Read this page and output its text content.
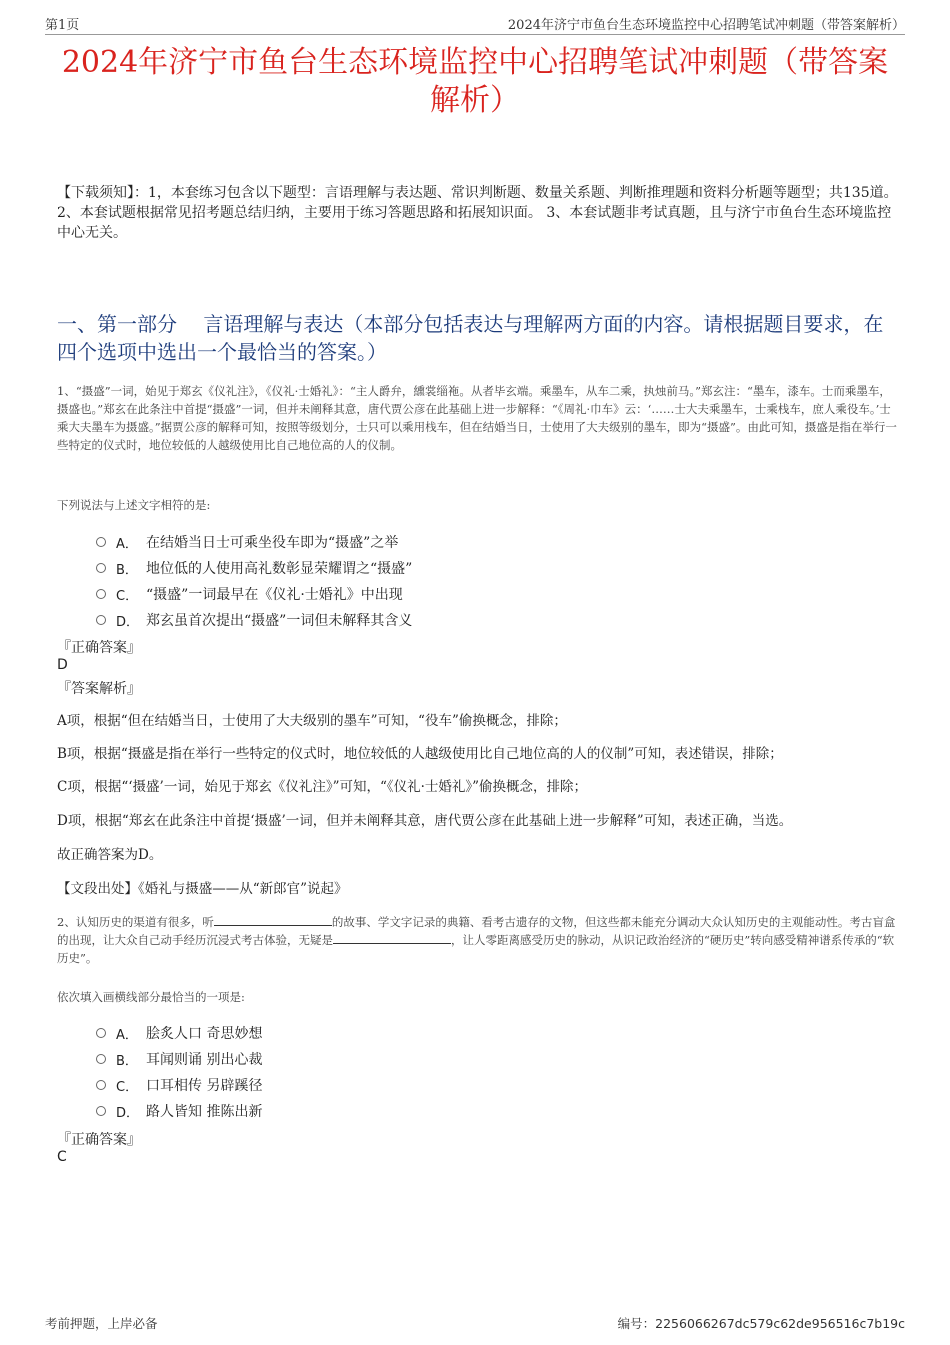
第1页	2024年济宁市鱼台生态环境监控中心招聘笔试冲刺题（带答案解析）
2024年济宁市鱼台生态环境监控中心招聘笔试冲刺题（带答案
解析）
【下载须知】：1，本套练习包含以下题型：言语理解与表达题、常识判断题、数量关系题、判断推理题和资料分析题等题型；共135道。 2、本套试题根据常见招考题总结归纳，主要用于练习答题思路和拓展知识面。 3、本套试题非考试真题，且与济宁市鱼台生态环境监控中心无关。
一、第一部分　 言语理解与表达（本部分包括表达与理解两方面的内容。请根据题目要求，在四个选项中选出一个最恰当的答案。）
1、“摄盛”一词，始见于郑玄《仪礼注》，《仪礼·士婚礼》：“主人爵弁，纁裳缁袘。从者毕玄端。乘墨车，从车二乘，执烛前马。”郑玄注：“墨车，漆车。士而乘墨车，摄盛也。”郑玄在此条注中首提“摄盛”一词，但并未阐释其意，唐代贾公彦在此基础上进一步解释：“《周礼·巾车》云：‘……士大夫乘墨车，士乘栈车，庶人乘役车。’士乘大夫墨车为摄盛。”据贾公彦的解释可知，按照等级划分，士只可以乘用栈车，但在结婚当日，士使用了大夫级别的墨车，即为“摄盛”。由此可知，摄盛是指在举行一些特定的仪式时，地位较低的人越级使用比自己地位高的人的仪制。
下列说法与上述文字相符的是:
A． 在结婚当日士可乘坐役车即为“摄盛”之举
B． 地位低的人使用高礼数彰显荣耀谓之“摄盛”
C． “摄盛”一词最早在《仪礼·士婚礼》中出现
D． 郑玄虽首次提出“摄盛”一词但未解释其含义
『正确答案』
D
『答案解析』
A项，根据“但在结婚当日，士使用了大夫级别的墨车”可知，“役车”偷换概念，排除；
B项，根据“摄盛是指在举行一些特定的仪式时，地位较低的人越级使用比自己地位高的人的仪制”可知，表述错误，排除；
C项，根据“‘摄盛’一词，始见于郑玄《仪礼注》”可知，“《仪礼·士婚礼》”偷换概念，排除；
D项，根据“郑玄在此条注中首提‘摄盛’一词，但并未阐释其意，唐代贾公彦在此基础上进一步解释”可知，表述正确，当选。
故正确答案为D。
【文段出处】《婚礼与摄盛——从“新郎官”说起》
2、认知历史的渠道有很多，听	的故事、学文字记录的典籍、看考古遗存的文物，但这些都未能充分调动大众认知历史的主观能动性。考古盲盒的出现，让大众自己动手经历沉浸式考古体验，无疑是	，让人零距离感受历史的脉动，从识记政治经济的“硬历史”转向感受精神谱系传承的“软历史”。
依次填入画横线部分最恰当的一项是:
A． 脍炙人口 奇思妙想
B． 耳闻则诵 别出心裁
C． 口耳相传 另辟蹊径
D． 路人皆知 推陈出新
『正确答案』
C
考前押题，上岸必备	编号：2256066267dc579c62de956516c7b19c
